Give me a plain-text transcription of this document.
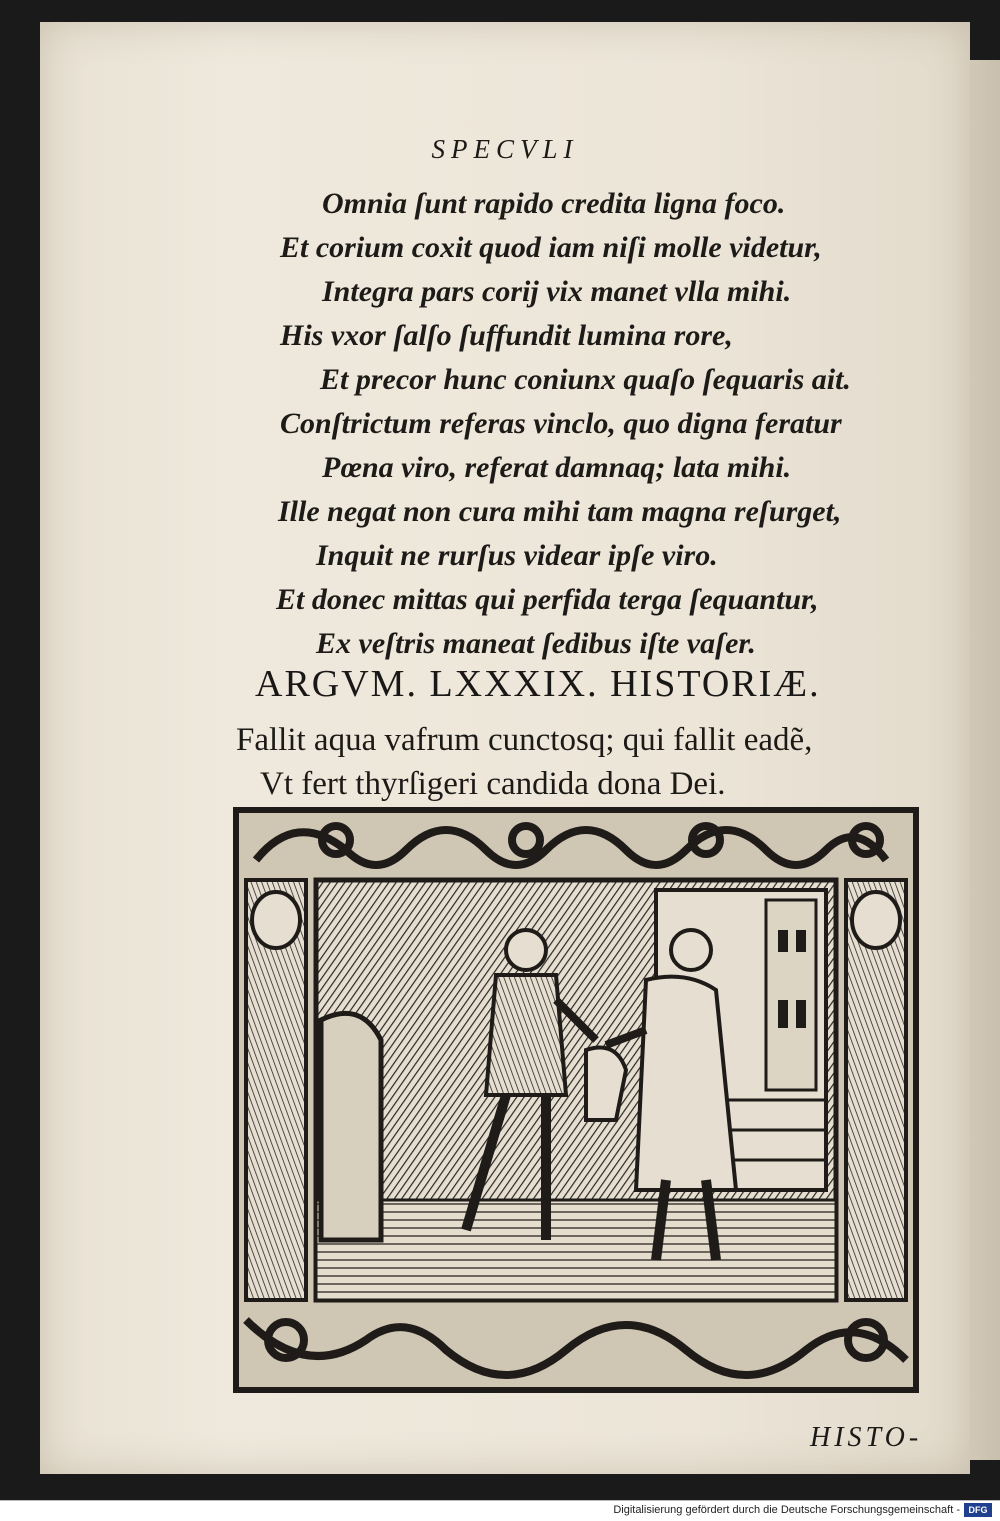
SPECVLI
Omnia ſunt rapido credita ligna foco.
Et corium coxit quod iam niſi molle videtur,
Integra pars corij vix manet vlla mihi.
His vxor ſalſo ſuffundit lumina rore,
Et precor hunc coniunx quaſo ſequaris ait.
Conſtrictum referas vinclo, quo digna feratur
Pœna viro, referat damnaq; lata mihi.
Ille negat non cura mihi tam magna reſurget,
Inquit ne rurſus videar ipſe viro.
Et donec mittas qui perfida terga ſequantur,
Ex veſtris maneat ſedibus iſte vaſer.
ARGVM. LXXXIX. HISTORIÆ.
Fallit aqua vafrum cunctosq; qui fallit eadẽ,
Vt fert thyrſigeri candida dona Dei.
HISTO-
Digitalisierung gefördert durch die Deutsche Forschungsgemeinschaft - DFG
